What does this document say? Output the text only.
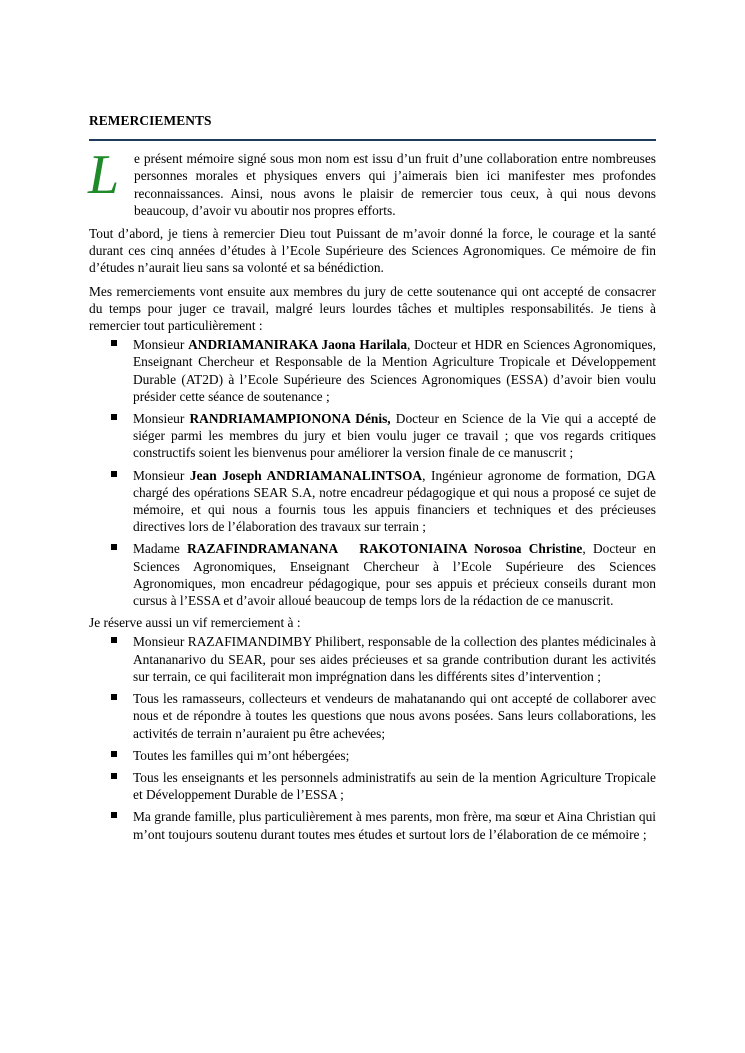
REMERCIEMENTS
L	e présent mémoire signé sous mon nom est issu d’un fruit d’une collaboration entre nombreuses personnes morales et physiques envers qui j’aimerais bien ici manifester mes profondes reconnaissances. Ainsi, nous avons le plaisir de remercier tous ceux, à qui nous devons beaucoup, d’avoir vu aboutir nos propres efforts.
Tout d’abord, je tiens à remercier Dieu tout Puissant de m’avoir donné la force, le courage et la santé durant ces cinq années d’études à l’Ecole Supérieure des Sciences Agronomiques. Ce mémoire de fin d’études n’aurait lieu sans sa volonté et sa bénédiction.
Mes remerciements vont ensuite aux membres du jury de cette soutenance qui ont accepté de consacrer du temps pour juger ce travail, malgré leurs lourdes tâches et multiples responsabilités. Je tiens à remercier tout particulièrement :
Monsieur ANDRIAMANIRAKA Jaona Harilala, Docteur et HDR en Sciences Agronomiques, Enseignant Chercheur et Responsable de la Mention Agriculture Tropicale et Développement Durable (AT2D) à l’Ecole Supérieure des Sciences Agronomiques (ESSA) d’avoir bien voulu présider cette séance de soutenance ;
Monsieur RANDRIAMAMPIONONA Dénis, Docteur en Science de la Vie qui a accepté de siéger parmi les membres du jury et bien voulu juger ce travail ; que vos regards critiques constructifs soient les bienvenus pour améliorer la version finale de ce manuscrit ;
Monsieur Jean Joseph ANDRIAMANALINTSOA, Ingénieur agronome de formation, DGA chargé des opérations SEAR S.A, notre encadreur pédagogique et qui nous a proposé ce sujet de mémoire, et qui nous a fournis tous les appuis financiers et techniques et des précieuses directives lors de l’élaboration des travaux sur terrain ;
Madame RAZAFINDRAMANANA   RAKOTONIAINA Norosoa Christine, Docteur en Sciences Agronomiques, Enseignant Chercheur à l’Ecole Supérieure des Sciences Agronomiques, mon encadreur pédagogique, pour ses appuis et précieux conseils durant mon cursus à l’ESSA et d’avoir alloué beaucoup de temps lors de la rédaction de ce manuscrit.
Je réserve aussi un vif remerciement à :
Monsieur RAZAFIMANDIMBY Philibert, responsable de la collection des plantes médicinales à Antananarivo du SEAR, pour ses aides précieuses et sa grande contribution durant les activités sur terrain, ce qui faciliterait mon imprégnation dans les différents sites d’intervention ;
Tous les ramasseurs, collecteurs et vendeurs de mahatanando qui ont accepté de collaborer avec nous et de répondre à toutes les questions que nous avons posées. Sans leurs collaborations, les activités de terrain n’auraient pu être achevées;
Toutes les familles qui m’ont hébergées;
Tous les enseignants et les personnels administratifs au sein de la mention Agriculture Tropicale et Développement Durable de l’ESSA ;
Ma grande famille, plus particulièrement à mes parents, mon frère, ma sœur et Aina Christian qui m’ont toujours soutenu durant toutes mes études et surtout lors de l’élaboration de ce mémoire ;
